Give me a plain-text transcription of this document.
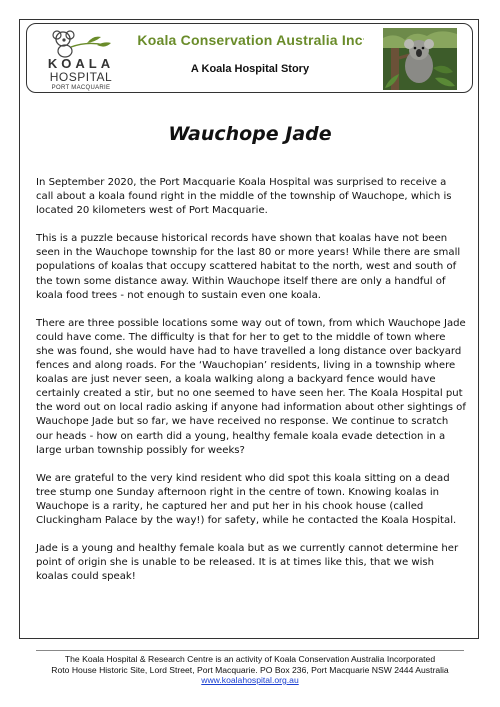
KOALA
HOSPITAL
PORT MACQUARIE
Koala Conservation Australia Inc.
A Koala Hospital Story
Wauchope Jade

In September 2020, the Port Macquarie Koala Hospital was surprised to receive a call about a koala found right in the middle of the township of Wauchope, which is located 20 kilometers west of Port Macquarie.

This is a puzzle because historical records have shown that koalas have not been seen in the Wauchope township for the last 80 or more years! While there are small populations of koalas that occupy scattered habitat to the north, west and south of the town some distance away. Within Wauchope itself there are only a handful of koala food trees - not enough to sustain even one koala.

There are three possible locations some way out of town, from which Wauchope Jade could have come. The difficulty is that for her to get to the middle of town where she was found, she would have had to have travelled a long distance over backyard fences and along roads. For the ‘Wauchopian’ residents, living in a township where koalas are just never seen, a koala walking along a backyard fence would have certainly created a stir, but no one seemed to have seen her. The Koala Hospital put the word out on local radio asking if anyone had information about other sightings of Wauchope Jade but so far, we have received no response. We continue to scratch our heads - how on earth did a young, healthy female koala evade detection in a large urban township possibly for weeks?

We are grateful to the very kind resident who did spot this koala sitting on a dead tree stump one Sunday afternoon right in the centre of town. Knowing koalas in Wauchope is a rarity, he captured her and put her in his chook house (called Cluckingham Palace by the way!) for safety, while he contacted the Koala Hospital.

Jade is a young and healthy female koala but as we currently cannot determine her point of origin she is unable to be released. It is at times like this, that we wish koalas could speak!

The Koala Hospital & Research Centre is an activity of Koala Conservation Australia Incorporated
Roto House Historic Site, Lord Street, Port Macquarie. PO Box 236, Port Macquarie NSW 2444 Australia
www.koalahospital.org.au
